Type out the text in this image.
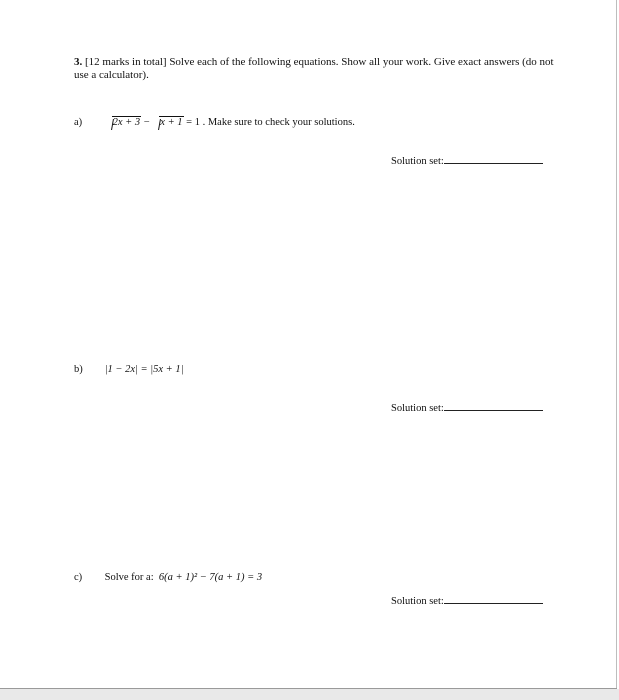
3. [12 marks in total] Solve each of the following equations. Show all your work. Give exact answers (do not use a calculator).
a)	2x + 3 − x + 1 = 1 . Make sure to check your solutions.
Solution set:
b) |1 − 2x| = |5x + 1|
Solution set:
c) Solve for a: 6(a + 1)² − 7(a + 1) = 3
Solution set:
